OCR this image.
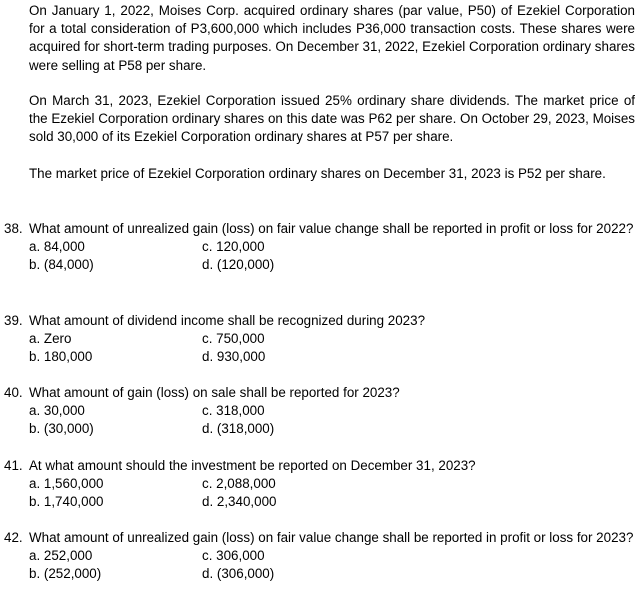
On January 1, 2022, Moises Corp. acquired ordinary shares (par value, P50) of Ezekiel Corporation for a total consideration of P3,600,000 which includes P36,000 transaction costs. These shares were acquired for short-term trading purposes. On December 31, 2022, Ezekiel Corporation ordinary shares were selling at P58 per share.

On March 31, 2023, Ezekiel Corporation issued 25% ordinary share dividends. The market price of the Ezekiel Corporation ordinary shares on this date was P62 per share. On October 29, 2023, Moises sold 30,000 of its Ezekiel Corporation ordinary shares at P57 per share.

The market price of Ezekiel Corporation ordinary shares on December 31, 2023 is P52 per share.

38. What amount of unrealized gain (loss) on fair value change shall be reported in profit or loss for 2022?
a. 84,000	c. 120,000
b. (84,000)	d. (120,000)
39. What amount of dividend income shall be recognized during 2023?
a. Zero	c. 750,000
b. 180,000	d. 930,000
40. What amount of gain (loss) on sale shall be reported for 2023?
a. 30,000	c. 318,000
b. (30,000)	d. (318,000)
41. At what amount should the investment be reported on December 31, 2023?
a. 1,560,000	c. 2,088,000
b. 1,740,000	d. 2,340,000
42. What amount of unrealized gain (loss) on fair value change shall be reported in profit or loss for 2023?
a. 252,000	c. 306,000
b. (252,000)	d. (306,000)
